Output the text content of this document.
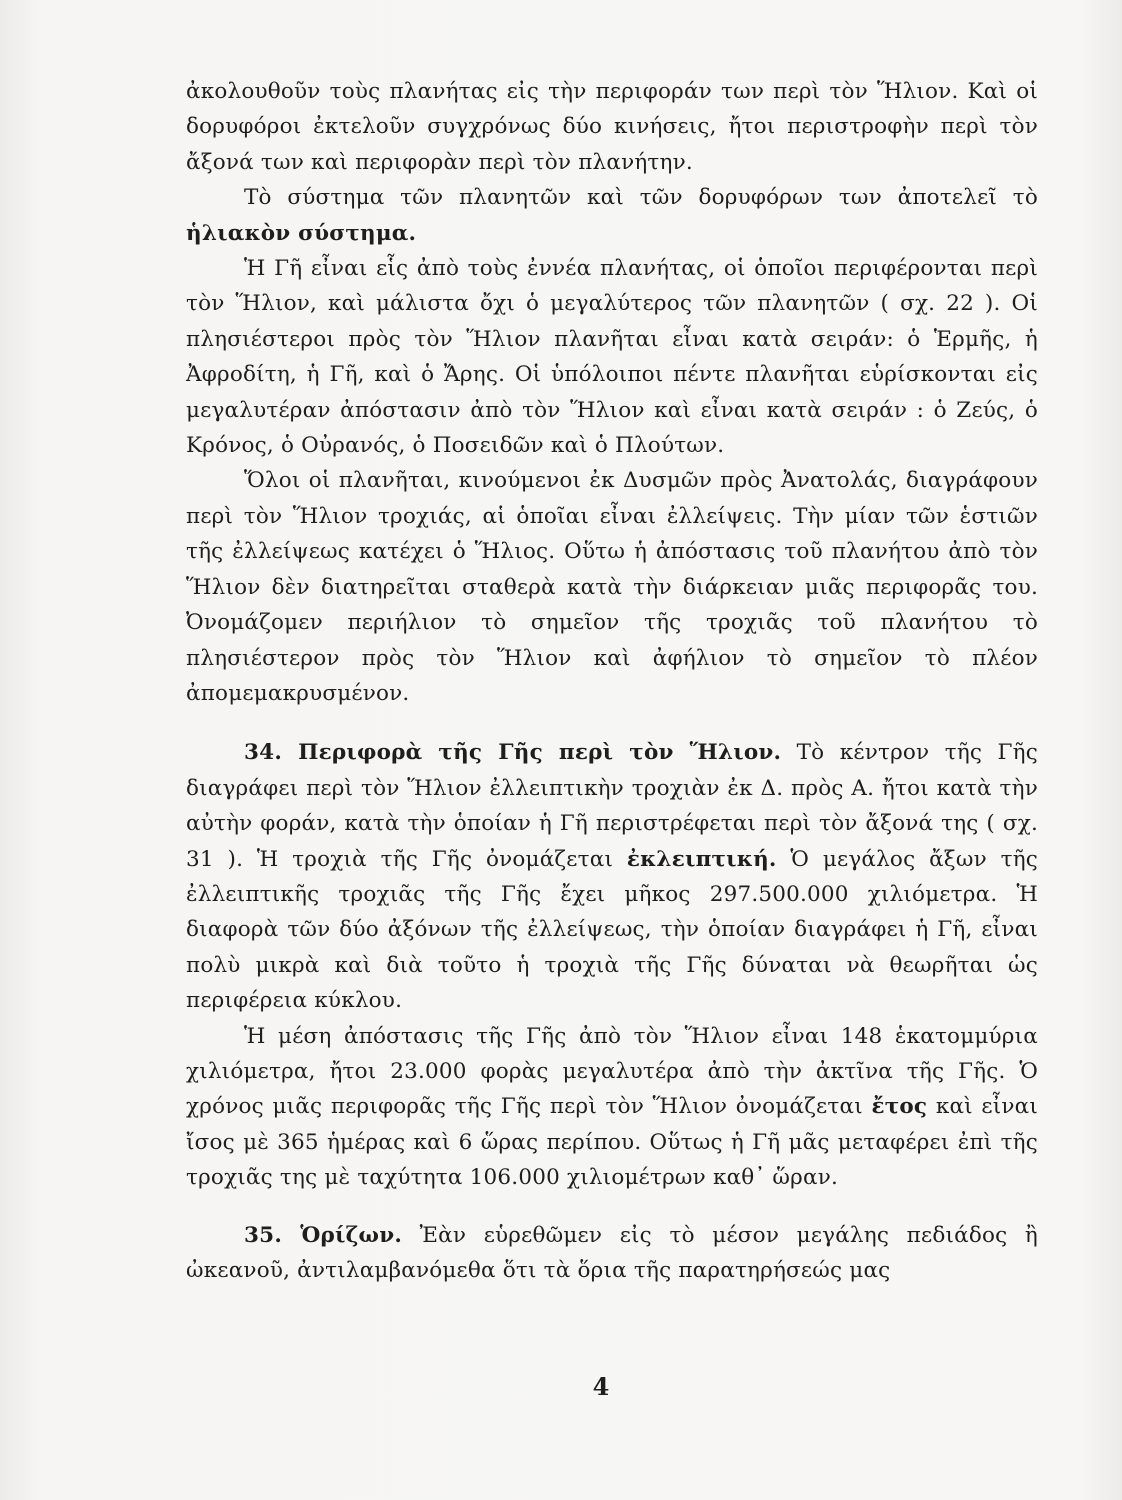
ἀκολουθοῦν τοὺς πλανήτας εἰς τὴν περιφοράν των περὶ τὸν Ἥλιον. Καὶ οἱ δορυφόροι ἐκτελοῦν συγχρόνως δύο κινήσεις, ἤτοι περιστροφὴν περὶ τὸν ἄξονά των καὶ περιφορὰν περὶ τὸν πλανήτην.

Τὸ σύστημα τῶν πλανητῶν καὶ τῶν δορυφόρων των ἀποτελεῖ τὸ ἡλιακὸν σύστημα.

Ἡ Γῆ εἶναι εἷς ἀπὸ τοὺς ἐννέα πλανήτας, οἱ ὁποῖοι περιφέρονται περὶ τὸν Ἥλιον, καὶ μάλιστα ὄχι ὁ μεγαλύτερος τῶν πλανητῶν ( σχ. 22 ). Οἱ πλησιέστεροι πρὸς τὸν Ἥλιον πλανῆται εἶναι κατὰ σειράν: ὁ Ἑρμῆς, ἡ Ἀφροδίτη, ἡ Γῆ, καὶ ὁ Ἄρης. Οἱ ὑπόλοιποι πέντε πλανῆται εὑρίσκονται εἰς μεγαλυτέραν ἀπόστασιν ἀπὸ τὸν Ἥλιον καὶ εἶναι κατὰ σειράν : ὁ Ζεύς, ὁ Κρόνος, ὁ Οὐρανός, ὁ Ποσειδῶν καὶ ὁ Πλούτων.

Ὅλοι οἱ πλανῆται, κινούμενοι ἐκ Δυσμῶν πρὸς Ἀνατολάς, διαγράφουν περὶ τὸν Ἥλιον τροχιάς, αἱ ὁποῖαι εἶναι ἐλλείψεις. Τὴν μίαν τῶν ἑστιῶν τῆς ἐλλείψεως κατέχει ὁ Ἥλιος. Οὕτω ἡ ἀπόστασις τοῦ πλανήτου ἀπὸ τὸν Ἥλιον δὲν διατηρεῖται σταθερὰ κατὰ τὴν διάρκειαν μιᾶς περιφορᾶς του. Ὀνομάζομεν περιήλιον τὸ σημεῖον τῆς τροχιᾶς τοῦ πλανήτου τὸ πλησιέστερον πρὸς τὸν Ἥλιον καὶ ἀφήλιον τὸ σημεῖον τὸ πλέον ἀπομεμακρυσμένον.

34. Περιφορὰ τῆς Γῆς περὶ τὸν Ἥλιον. Τὸ κέντρον τῆς Γῆς διαγράφει περὶ τὸν Ἥλιον ἐλλειπτικὴν τροχιὰν ἐκ Δ. πρὸς Α. ἤτοι κατὰ τὴν αὐτὴν φοράν, κατὰ τὴν ὁποίαν ἡ Γῆ περιστρέφεται περὶ τὸν ἄξονά της ( σχ. 31 ). Ἡ τροχιὰ τῆς Γῆς ὀνομάζεται ἐκλειπτική. Ὁ μεγάλος ἄξων τῆς ἐλλειπτικῆς τροχιᾶς τῆς Γῆς ἔχει μῆκος 297.500.000 χιλιόμετρα. Ἡ διαφορὰ τῶν δύο ἀξόνων τῆς ἐλλείψεως, τὴν ὁποίαν διαγράφει ἡ Γῆ, εἶναι πολὺ μικρὰ καὶ διὰ τοῦτο ἡ τροχιὰ τῆς Γῆς δύναται νὰ θεωρῆται ὡς περιφέρεια κύκλου.

Ἡ μέση ἀπόστασις τῆς Γῆς ἀπὸ τὸν Ἥλιον εἶναι 148 ἑκατομμύρια χιλιόμετρα, ἤτοι 23.000 φορὰς μεγαλυτέρα ἀπὸ τὴν ἀκτῖνα τῆς Γῆς. Ὁ χρόνος μιᾶς περιφορᾶς τῆς Γῆς περὶ τὸν Ἥλιον ὀνομάζεται ἔτος καὶ εἶναι ἴσος μὲ 365 ἡμέρας καὶ 6 ὥρας περίπου. Οὕτως ἡ Γῆ μᾶς μεταφέρει ἐπὶ τῆς τροχιᾶς της μὲ ταχύτητα 106.000 χιλιομέτρων καθ᾽ ὥραν.

35. Ὁρίζων. Ἐὰν εὑρεθῶμεν εἰς τὸ μέσον μεγάλης πεδιάδος ἢ ὠκεανοῦ, ἀντιλαμβανόμεθα ὅτι τὰ ὅρια τῆς παρατηρήσεώς μας

4
